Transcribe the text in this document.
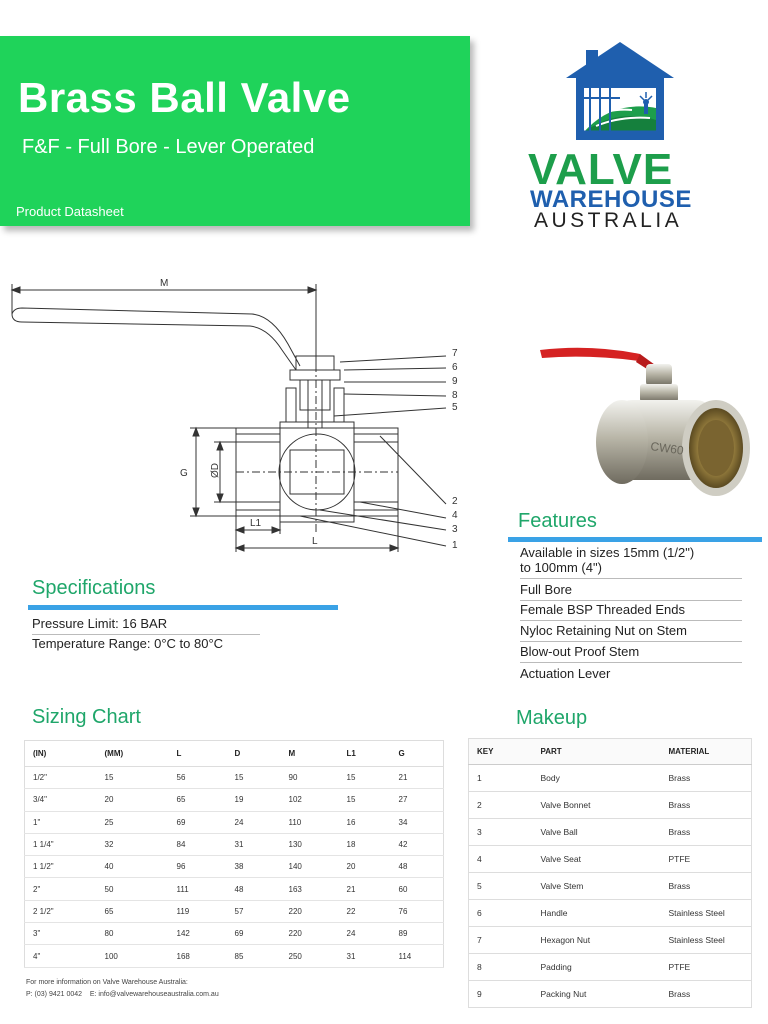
Brass Ball Valve
F&F - Full Bore - Lever Operated
Product Datasheet
VALVE
WAREHOUSE
AUSTRALIA
M
G ØD
L1
L
7
6
9
8
5
2
4
3
1
CW60
Features
Available in sizes 15mm (1/2")
to 100mm (4")
Full Bore
Female BSP Threaded Ends
Nyloc Retaining Nut on Stem
Blow-out Proof Stem
Actuation Lever
Specifications
Pressure Limit: 16 BAR
Temperature Range: 0°C to 80°C
Sizing Chart
(IN)	(MM)	L	D	M	L1	G
1/2"	15	56	15	90	15	21
3/4"	20	65	19	102	15	27
1"	25	69	24	110	16	34
1 1/4"	32	84	31	130	18	42
1 1/2"	40	96	38	140	20	48
2"	50	111	48	163	21	60
2 1/2"	65	119	57	220	22	76
3"	80	142	69	220	24	89
4"	100	168	85	250	31	114
Makeup
KEY	PART	MATERIAL
1	Body	Brass
2	Valve Bonnet	Brass
3	Valve Ball	Brass
4	Valve Seat	PTFE
5	Valve Stem	Brass
6	Handle	Stainless Steel
7	Hexagon Nut	Stainless Steel
8	Padding	PTFE
9	Packing Nut	Brass
For more information on Valve Warehouse Australia:
P: (03) 9421 0042 E: info@valvewarehouseaustralia.com.au
